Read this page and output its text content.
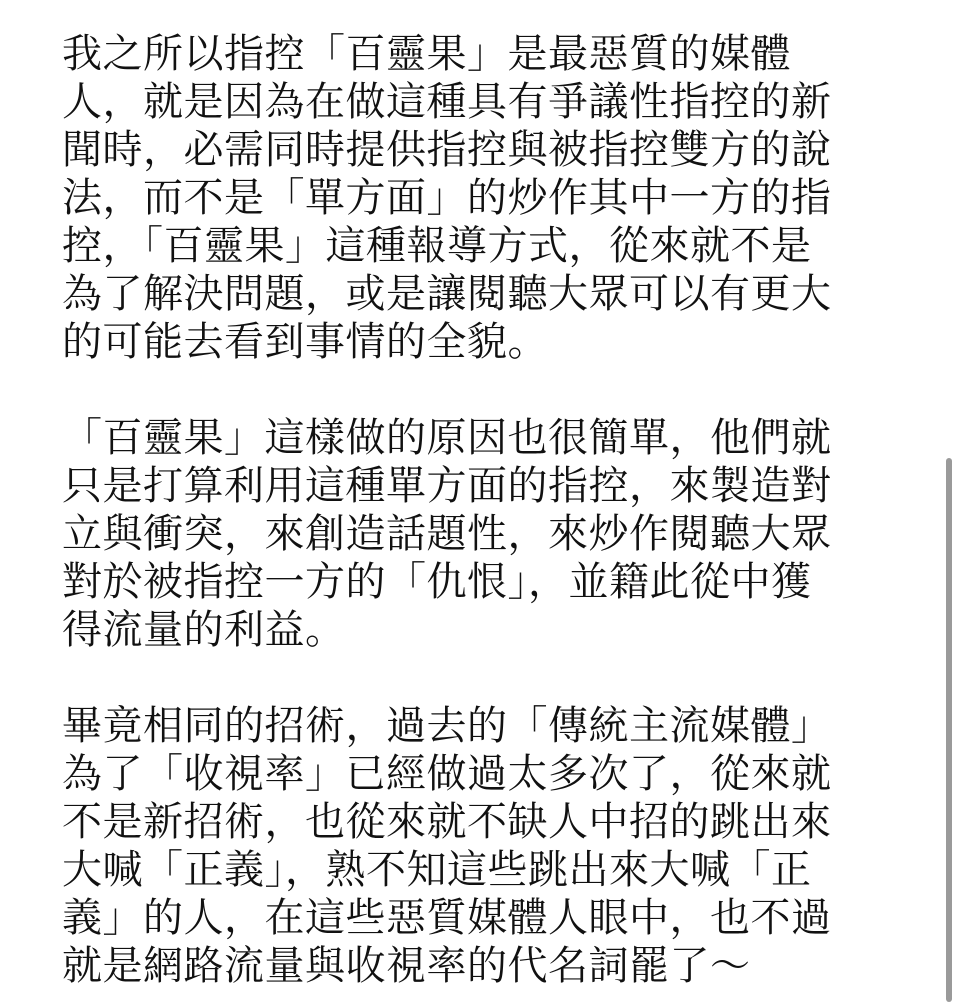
我之所以指控「百靈果」是最惡質的媒體
人，就是因為在做這種具有爭議性指控的新
聞時，必需同時提供指控與被指控雙方的說
法，而不是「單方面」的炒作其中一方的指
控，「百靈果」這種報導方式，從來就不是
為了解決問題，或是讓閱聽大眾可以有更大
的可能去看到事情的全貌。
「百靈果」這樣做的原因也很簡單，他們就
只是打算利用這種單方面的指控，來製造對
立與衝突，來創造話題性，來炒作閱聽大眾
對於被指控一方的「仇恨」，並籍此從中獲
得流量的利益。
畢竟相同的招術，過去的「傳統主流媒體」
為了「收視率」已經做過太多次了，從來就
不是新招術，也從來就不缺人中招的跳出來
大喊「正義」，熟不知這些跳出來大喊「正
義」的人，在這些惡質媒體人眼中，也不過
就是網路流量與收視率的代名詞罷了～
